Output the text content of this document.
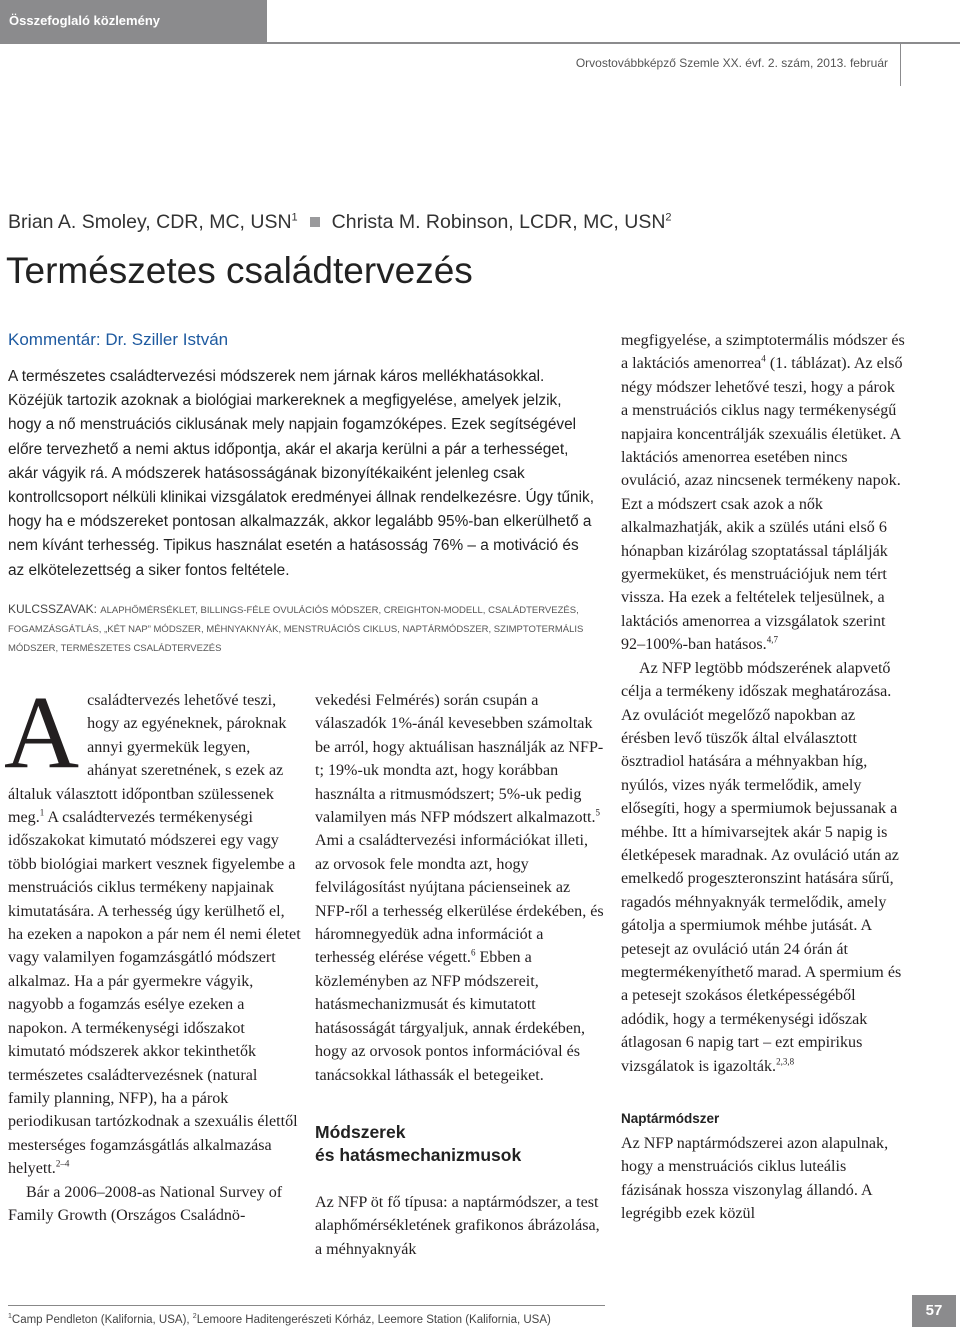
Összefoglaló közlemény
Orvostovábbképző Szemle XX. évf. 2. szám, 2013. február
Brian A. Smoley, CDR, MC, USN$^1$ Christa M. Robinson, LCDR, MC, USN$^2$
Természetes családtervezés
Kommentár: Dr. Sziller István

A természetes családtervezési módszerek nem járnak káros mellékhatásokkal. Közéjük tartozik azoknak a biológiai markereknek a megfigyelése, amelyek jelzik, hogy a nő menstruációs ciklusának mely napjain fogamzóképes. Ezek segítségével előre tervezhető a nemi aktus időpontja, akár el akarja kerülni a pár a terhességet, akár vágyik rá. A módszerek hatásosságának bizonyítékaiként jelenleg csak kontrollcsoport nélküli klinikai vizsgálatok eredményei állnak rendelkezésre. Úgy tűnik, hogy ha e módszereket pontosan alkalmazzák, akkor legalább 95%-ban elkerülhető a nem kívánt terhesség. Tipikus használat esetén a hatásosság 76% – a motiváció és az elkötelezettség a siker fontos feltétele.

KULCSSZAVAK: ALAPHŐMÉRSÉKLET, BILLINGS-FÉLE OVULÁCIÓS MÓDSZER, CREIGHTON-MODELL, CSALÁDTERVEZÉS, FOGAMZÁSGÁTLÁS, „KÉT NAP” MÓDSZER, MÉHNYAKNYÁK, MENSTRUÁCIÓS CIKLUS, NAPTÁRMÓDSZER, SZIMPTOTERMÁLIS MÓDSZER, TERMÉSZETES CSALÁDTERVEZÉS

Acsaládtervezés lehetővé teszi, hogy az egyéneknek, pároknak annyi gyermekük legyen, ahányat szeretnének, s ezek az általuk választott időpontban szülessenek meg.$^1$ A családtervezés termékenységi időszakokat kimutató módszerei egy vagy több biológiai markert vesznek figyelembe a menstruációs ciklus termékeny napjainak kimutatására. A terhesség úgy kerülhető el, ha ezeken a napokon a pár nem él nemi életet vagy valamilyen fogamzásgátló módszert alkalmaz. Ha a pár gyermekre vágyik, nagyobb a fogamzás esélye ezeken a napokon. A termékenységi időszakot kimutató módszerek akkor tekinthetők természetes családtervezésnek (natural family planning, NFP), ha a párok periodikusan tartózkodnak a szexuális élettől mesterséges fogamzásgátlás alkalmazása helyett.$^{2-4}$

Bár a 2006–2008-as National Survey of Family Growth (Országos Családnö-

vekedési Felmérés) során csupán a válaszadók 1%-ánál kevesebben számoltak be arról, hogy aktuálisan használják az NFP-t; 19%-uk mondta azt, hogy korábban használta a ritmusmódszert; 5%-uk pedig valamilyen más NFP módszert alkalmazott.$^5$ Ami a családtervezési információkat illeti, az orvosok fele mondta azt, hogy felvilágosítást nyújtana pácienseinek az NFP-ről a terhesség elkerülése érdekében, és háromnegyedük adna információt a terhesség elérése végett.$^6$ Ebben a közleményben az NFP módszereit, hatásmechanizmusát és kimutatott hatásosságát tárgyaljuk, annak érdekében, hogy az orvosok pontos információval és tanácsokkal láthassák el betegeiket.

Módszerek
és hatásmechanizmusok

Az NFP öt fő típusa: a naptármódszer, a test alaphőmérsékletének grafikonos ábrázolása, a méhnyaknyák

megfigyelése, a szimptotermális módszer és a laktációs amenorrea$^4$ (1. táblázat). Az első négy módszer lehetővé teszi, hogy a párok a menstruációs ciklus nagy termékenységű napjaira koncentrálják szexuális életüket. A laktációs amenorrea esetében nincs ovuláció, azaz nincsenek termékeny napok. Ezt a módszert csak azok a nők alkalmazhatják, akik a szülés utáni első 6 hónapban kizárólag szoptatással táplálják gyermeküket, és menstruációjuk nem tért vissza. Ha ezek a feltételek teljesülnek, a laktációs amenorrea a vizsgálatok szerint 92–100%-ban hatásos.$^{4,7}$

Az NFP legtöbb módszerének alapvető célja a termékeny időszak meghatározása. Az ovulációt megelőző napokban az érésben levő tüszők által elválasztott ösztradiol hatására a méhnyakban híg, nyúlós, vizes nyák termelődik, amely elősegíti, hogy a spermiumok bejussanak a méhbe. Itt a hímivarsejtek akár 5 napig is életképesek maradnak. Az ovuláció után az emelkedő progeszteronszint hatására sűrű, ragadós méhnyaknyák termelődik, amely gátolja a spermiumok méhbe jutását. A petesejt az ovuláció után 24 órán át megtermékenyíthető marad. A spermium és a petesejt szokásos életképességéből adódik, hogy a termékenységi időszak átlagosan 6 napig tart – ezt empirikus vizsgálatok is igazolták.$^{2,3,8}$

Naptármódszer

Az NFP naptármódszerei azon alapulnak, hogy a menstruációs ciklus luteális fázisának hossza viszonylag állandó. A legrégibb ezek közül

$^1$Camp Pendleton (Kalifornia, USA), $^2$Lemoore Haditengerészeti Kórház, Leemore Station (Kalifornia, USA)
57
